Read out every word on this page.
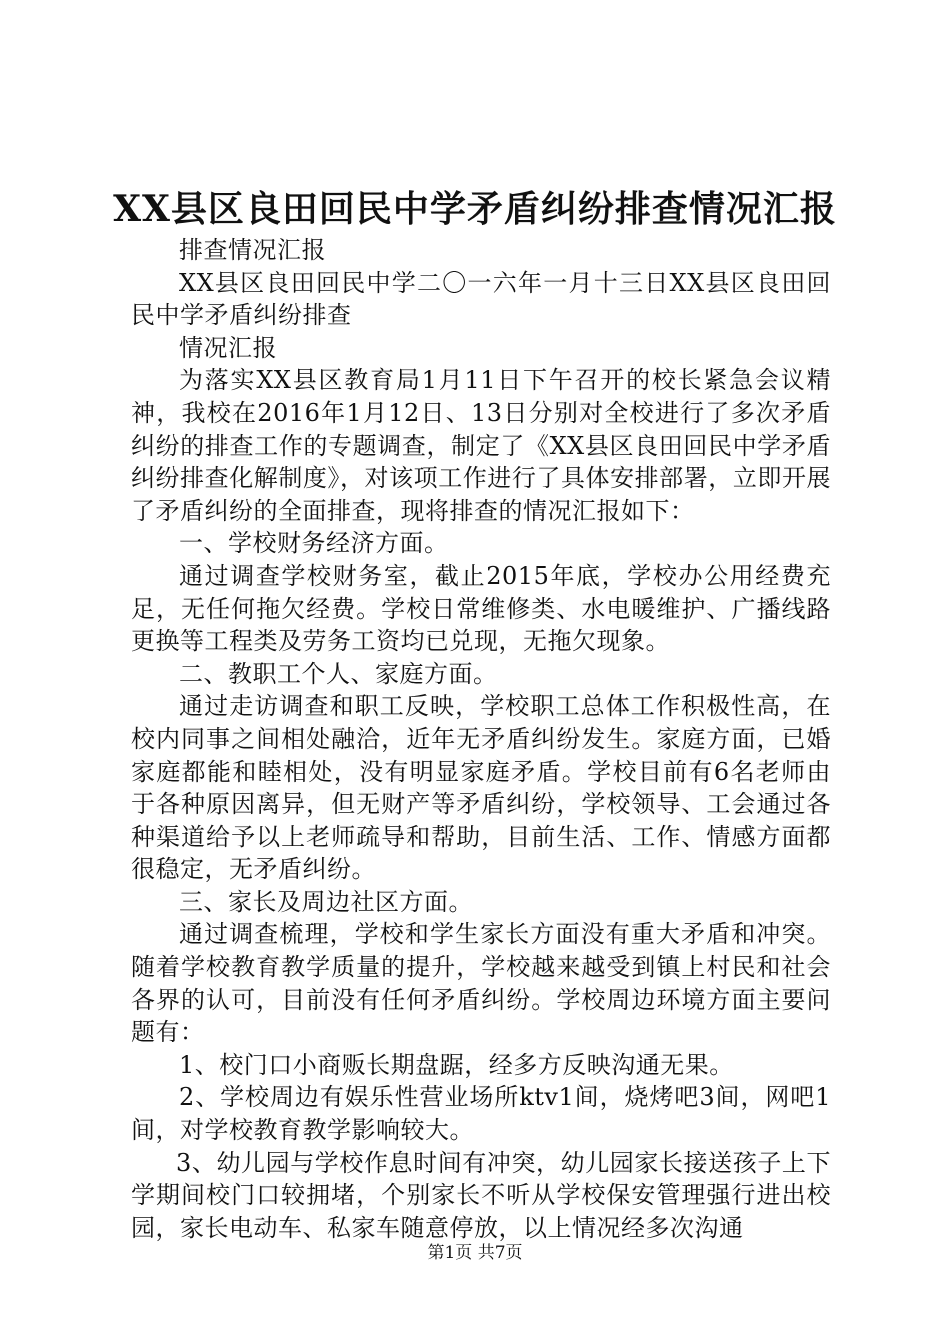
XX县区良田回民中学矛盾纠纷排查情况汇报

排查情况汇报

XX县区良田回民中学二〇一六年一月十三日XX县区良田回民中学矛盾纠纷排查

情况汇报

为落实XX县区教育局1月11日下午召开的校长紧急会议精神，我校在2016年1月12日、13日分别对全校进行了多次矛盾纠纷的排查工作的专题调查，制定了《XX县区良田回民中学矛盾纠纷排查化解制度》，对该项工作进行了具体安排部署，立即开展了矛盾纠纷的全面排查，现将排查的情况汇报如下：

一、学校财务经济方面。

通过调查学校财务室，截止2015年底，学校办公用经费充足，无任何拖欠经费。学校日常维修类、水电暖维护、广播线路更换等工程类及劳务工资均已兑现，无拖欠现象。

二、教职工个人、家庭方面。

通过走访调查和职工反映，学校职工总体工作积极性高，在校内同事之间相处融洽，近年无矛盾纠纷发生。家庭方面，已婚家庭都能和睦相处，没有明显家庭矛盾。学校目前有6名老师由于各种原因离异，但无财产等矛盾纠纷，学校领导、工会通过各种渠道给予以上老师疏导和帮助，目前生活、工作、情感方面都很稳定，无矛盾纠纷。

三、家长及周边社区方面。

通过调查梳理，学校和学生家长方面没有重大矛盾和冲突。随着学校教育教学质量的提升，学校越来越受到镇上村民和社会各界的认可，目前没有任何矛盾纠纷。学校周边环境方面主要问题有：

1、校门口小商贩长期盘踞，经多方反映沟通无果。

2、学校周边有娱乐性营业场所ktv1间，烧烤吧3间，网吧1间，对学校教育教学影响较大。

3、幼儿园与学校作息时间有冲突，幼儿园家长接送孩子上下学期间校门口较拥堵，个别家长不听从学校保安管理强行进出校园，家长电动车、私家车随意停放，以上情况经多次沟通

第1页 共7页
